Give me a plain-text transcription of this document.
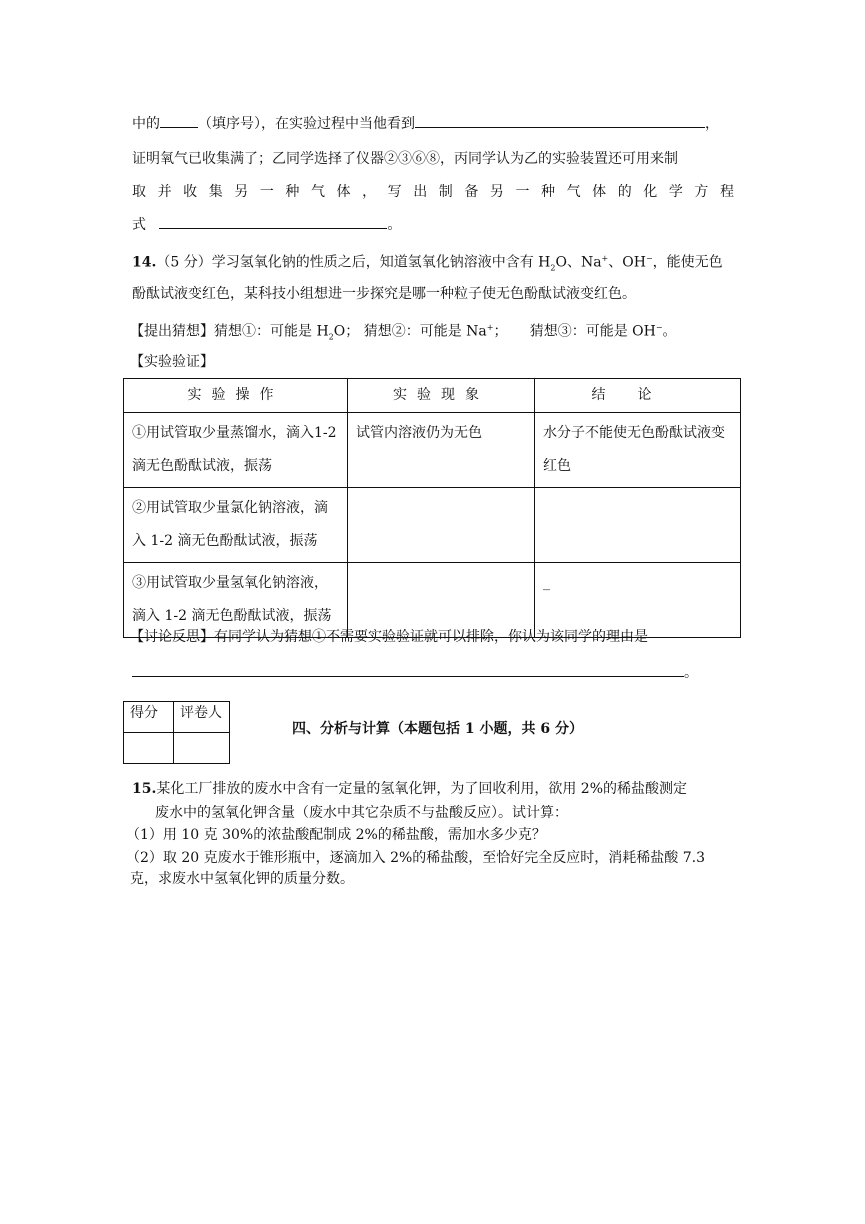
中的	（填序号），在实验过程中当他看到	，
证明氧气已收集满了；乙同学选择了仪器②③⑥⑧，丙同学认为乙的实验装置还可用来制
取 并 收 集 另 一 种 气 体 ， 写 出 制 备 另 一 种 气 体 的 化 学 方 程
式	。
14.（5 分）学习氢氧化钠的性质之后，知道氢氧化钠溶液中含有 $H_2O$、Na+、OH−，能使无色
酚酞试液变红色，某科技小组想进一步探究是哪一种粒子使无色酚酞试液变红色。
【提出猜想】猜想①：可能是 $H_2O$； 猜想②：可能是 Na+；     猜想③：可能是 OH−。
【实验验证】
实验操作	实验现象	结论
①用试管取少量蒸馏水，滴入1-2 滴无色酚酞试液，振荡	试管内溶液仍为无色	水分子不能使无色酚酞试液变红色
②用试管取少量氯化钠溶液，滴入 1-2 滴无色酚酞试液，振荡		
③用试管取少量氢氧化钠溶液，滴入 1-2 滴无色酚酞试液，振荡		_
【讨论反思】有同学认为猜想①不需要实验验证就可以排除，你认为该同学的理由是
。
得分	评卷人

四、分析与计算（本题包括 1 小题，共 6 分）
15.某化工厂排放的废水中含有一定量的氢氧化钾，为了回收利用，欲用 2%的稀盐酸测定
废水中的氢氧化钾含量（废水中其它杂质不与盐酸反应）。试计算：
（1）用 10 克 30%的浓盐酸配制成 2%的稀盐酸，需加水多少克？
（2）取 20 克废水于锥形瓶中，逐滴加入 2%的稀盐酸，至恰好完全反应时，消耗稀盐酸 7.3
克，求废水中氢氧化钾的质量分数。
